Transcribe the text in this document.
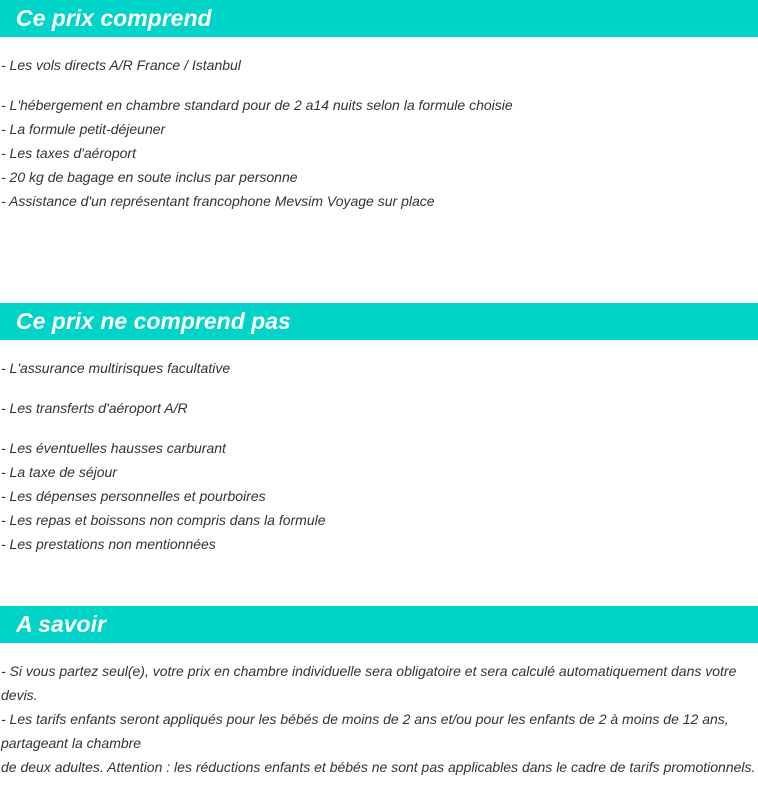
Ce prix comprend
- Les vols directs A/R France / Istanbul
- L'hébergement en chambre standard pour de 2 a14 nuits selon la formule choisie
- La formule petit-déjeuner
- Les taxes d'aéroport
- 20 kg de bagage en soute inclus par personne
- Assistance d'un représentant francophone Mevsim Voyage sur place
Ce prix ne comprend pas
- L'assurance multirisques facultative
- Les transferts d'aéroport A/R
- Les éventuelles hausses carburant
- La taxe de séjour
- Les dépenses personnelles et pourboires
- Les repas et boissons non compris dans la formule
- Les prestations non mentionnées
A savoir
- Si vous partez seul(e), votre prix en chambre individuelle sera obligatoire et sera calculé automatiquement dans votre devis.
- Les tarifs enfants seront appliqués pour les bébés de moins de 2 ans et/ou pour les enfants de 2 à moins de 12 ans, partageant la chambre
de deux adultes. Attention : les réductions enfants et bébés ne sont pas applicables dans le cadre de tarifs promotionnels.
